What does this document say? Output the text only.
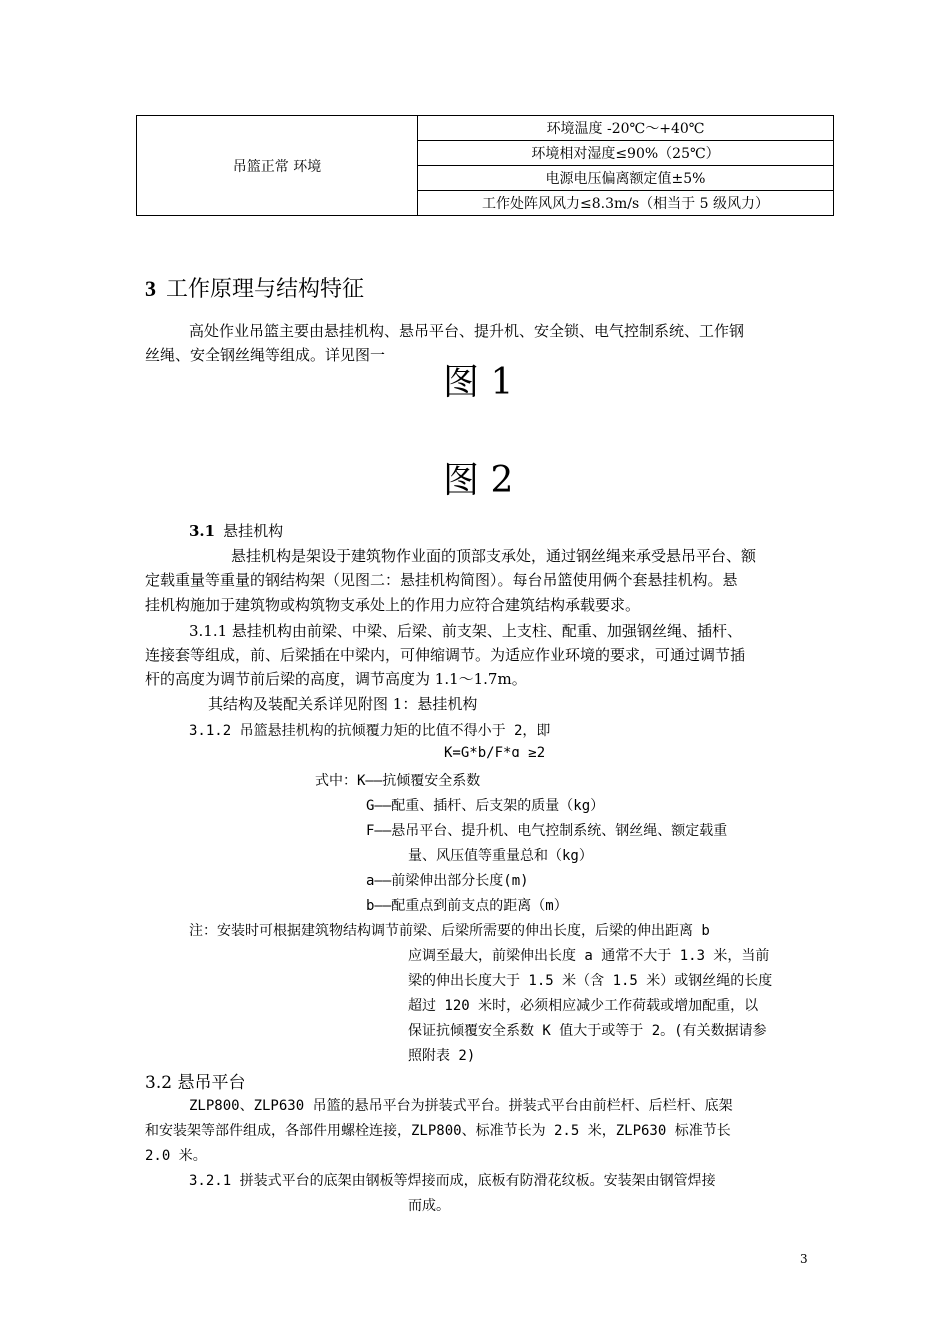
吊篮正常 环境	环境温度 -20℃～+40℃
环境相对湿度≤90%（25℃）
电源电压偏离额定值±5%
工作处阵风风力≤8.3m/s（相当于 5 级风力）
3 工作原理与结构特征

高处作业吊篮主要由悬挂机构、悬吊平台、提升机、安全锁、电气控制系统、工作钢

丝绳、安全钢丝绳等组成。详见图一

图 1
图 2
3.1 悬挂机构

悬挂机构是架设于建筑物作业面的顶部支承处，通过钢丝绳来承受悬吊平台、额

定载重量等重量的钢结构架（见图二：悬挂机构简图）。每台吊篮使用俩个套悬挂机构。悬

挂机构施加于建筑物或构筑物支承处上的作用力应符合建筑结构承载要求。

3.1.1 悬挂机构由前梁、中梁、后梁、前支架、上支柱、配重、加强钢丝绳、插杆、

连接套等组成，前、后梁插在中梁内，可伸缩调节。为适应作业环境的要求，可通过调节插

杆的高度为调节前后梁的高度，调节高度为 1.1～1.7m。

其结构及装配关系详见附图 1：悬挂机构

3.1.2 吊篮悬挂机构的抗倾覆力矩的比值不得小于 2，即

K=G*b/F*ɑ ≥2

式中：K——抗倾覆安全系数

G——配重、插杆、后支架的质量（kg）

F——悬吊平台、提升机、电气控制系统、钢丝绳、额定载重

量、风压值等重量总和（kg）

a——前梁伸出部分长度(m)

b——配重点到前支点的距离（m）

注：安装时可根据建筑物结构调节前梁、后梁所需要的伸出长度，后梁的伸出距离 b

应调至最大，前梁伸出长度 a 通常不大于 1.3 米，当前

梁的伸出长度大于 1.5 米（含 1.5 米）或钢丝绳的长度

超过 120 米时，必须相应减少工作荷载或增加配重，以

保证抗倾覆安全系数 K 值大于或等于 2。(有关数据请参

照附表 2)

3.2 悬吊平台

ZLP800、ZLP630 吊篮的悬吊平台为拼装式平台。拼装式平台由前栏杆、后栏杆、底架

和安装架等部件组成，各部件用螺栓连接，ZLP800、标准节长为 2.5 米，ZLP630 标准节长

2.0 米。

3.2.1 拼装式平台的底架由钢板等焊接而成，底板有防滑花纹板。安装架由钢管焊接

而成。

3
